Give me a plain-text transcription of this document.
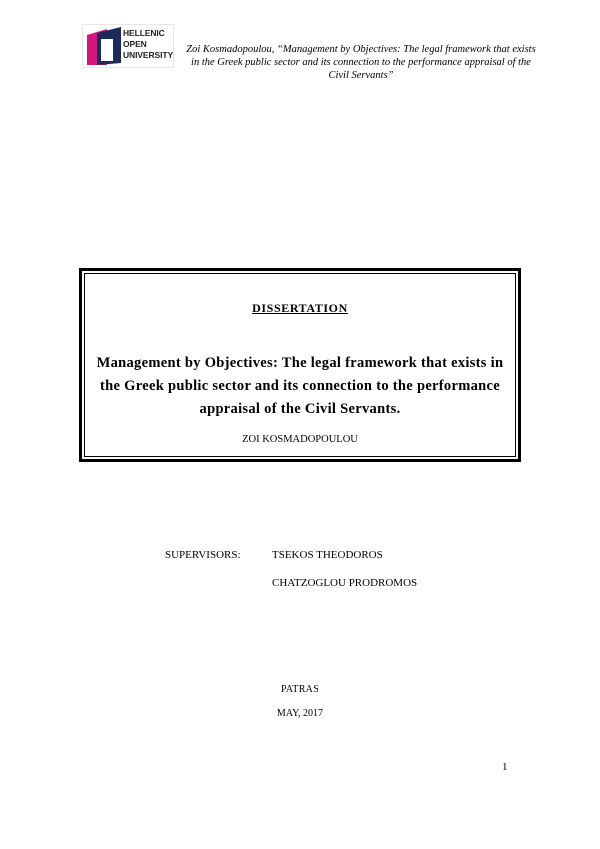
HELLENIC
OPEN
UNIVERSITY Zoi Kosmadopoulou, “Management by Objectives: The legal framework that exists in the Greek public sector and its connection to the performance appraisal of the Civil Servants”
DISSERTATION
Management by Objectives: The legal framework that exists in the Greek public sector and its connection to the performance appraisal of the Civil Servants.
ZOI KOSMADOPOULOU
SUPERVISORS:	TSEKOS THEODOROS
CHATZOGLOU PRODROMOS
PATRAS
MAY, 2017
1
